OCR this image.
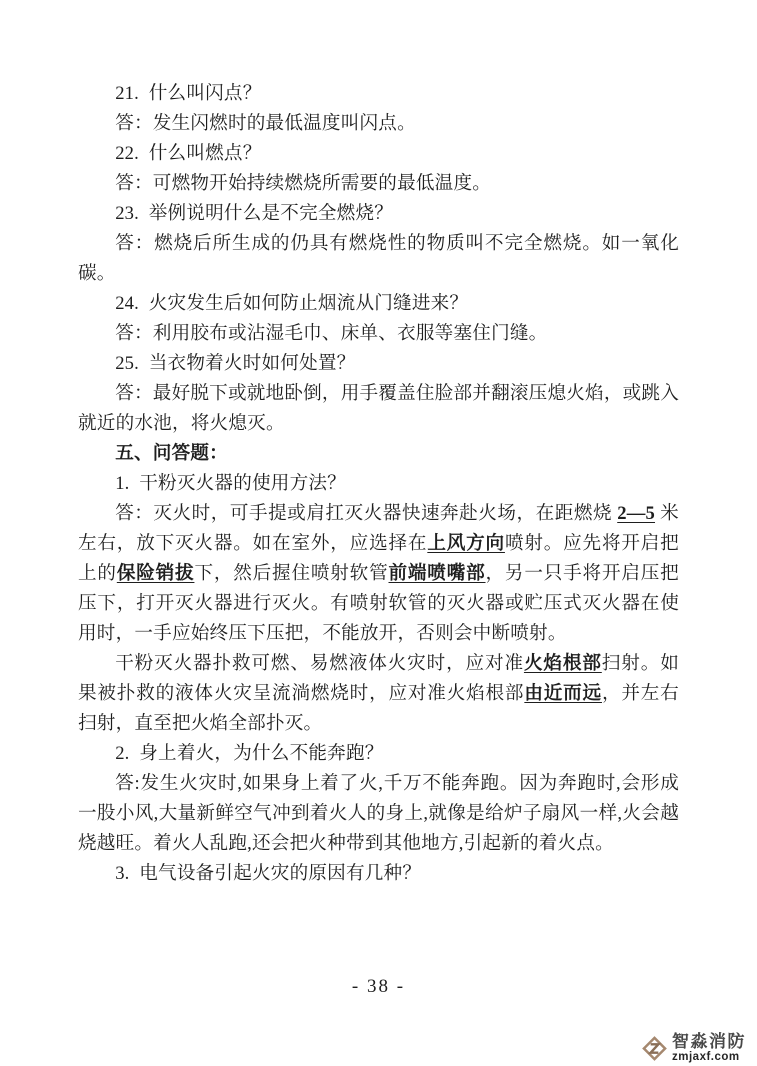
21.  什么叫闪点？

答：发生闪燃时的最低温度叫闪点。

22.  什么叫燃点？

答：可燃物开始持续燃烧所需要的最低温度。

23.  举例说明什么是不完全燃烧？

答：燃烧后所生成的仍具有燃烧性的物质叫不完全燃烧。如一氧化碳。

24.  火灾发生后如何防止烟流从门缝进来？

答：利用胶布或沾湿毛巾、床单、衣服等塞住门缝。

25.  当衣物着火时如何处置？

答：最好脱下或就地卧倒，用手覆盖住脸部并翻滚压熄火焰，或跳入就近的水池，将火熄灭。

五、问答题：

1.  干粉灭火器的使用方法？

答：灭火时，可手提或肩扛灭火器快速奔赴火场，在距燃烧 2—5 米左右，放下灭火器。如在室外，应选择在上风方向喷射。应先将开启把上的保险销拔下，然后握住喷射软管前端喷嘴部，另一只手将开启压把压下，打开灭火器进行灭火。有喷射软管的灭火器或贮压式灭火器在使用时，一手应始终压下压把，不能放开，否则会中断喷射。

干粉灭火器扑救可燃、易燃液体火灾时，应对准火焰根部扫射。如果被扑救的液体火灾呈流淌燃烧时，应对准火焰根部由近而远，并左右扫射，直至把火焰全部扑灭。

2.  身上着火，为什么不能奔跑？

答:发生火灾时,如果身上着了火,千万不能奔跑。因为奔跑时,会形成一股小风,大量新鲜空气冲到着火人的身上,就像是给炉子扇风一样,火会越烧越旺。着火人乱跑,还会把火种带到其他地方,引起新的着火点。

3.  电气设备引起火灾的原因有几种？

- 38 -
智淼消防
zmjaxf.com
